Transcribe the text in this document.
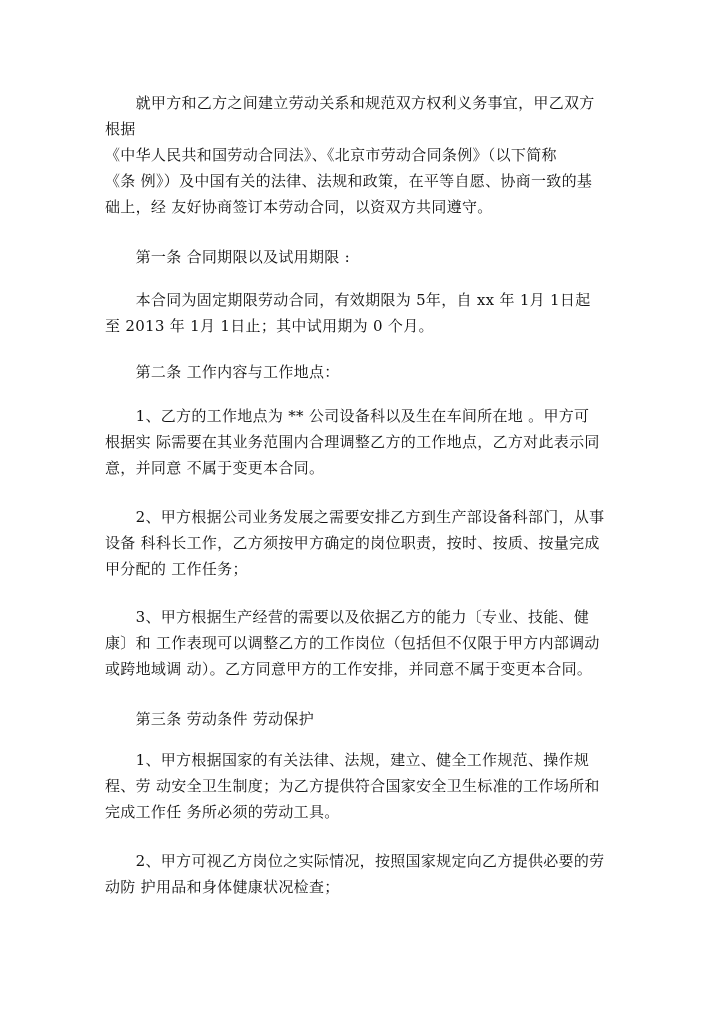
　　就甲方和乙方之间建立劳动关系和规范双方权利义务事宜，甲乙双方
根据
《中华人民共和国劳动合同法》、《北京市劳动合同条例》（以下简称
《条 例》）及中国有关的法律、法规和政策，在平等自愿、协商一致的基
础上，经 友好协商签订本劳动合同，以资双方共同遵守。
　　第一条 合同期限以及试用期限 :
　　本合同为固定期限劳动合同，有效期限为 5年，自 xx 年 1月 1日起
至 2013 年 1月 1日止；其中试用期为 0 个月。
　　第二条 工作内容与工作地点：
　　1、乙方的工作地点为 ** 公司设备科以及生在车间所在地 。甲方可
根据实 际需要在其业务范围内合理调整乙方的工作地点，乙方对此表示同
意，并同意 不属于变更本合同。
　　2、甲方根据公司业务发展之需要安排乙方到生产部设备科部门，从事
设备 科科长工作，乙方须按甲方确定的岗位职责，按时、按质、按量完成
甲分配的 工作任务；
　　3、甲方根据生产经营的需要以及依据乙方的能力〔专业、技能、健
康〕和 工作表现可以调整乙方的工作岗位（包括但不仅限于甲方内部调动
或跨地域调 动）。乙方同意甲方的工作安排，并同意不属于变更本合同。
　　第三条 劳动条件 劳动保护
　　1、甲方根据国家的有关法律、法规，建立、健全工作规范、操作规
程、劳 动安全卫生制度；为乙方提供符合国家安全卫生标准的工作场所和
完成工作任 务所必须的劳动工具。
　　2、甲方可视乙方岗位之实际情况，按照国家规定向乙方提供必要的劳
动防 护用品和身体健康状况检查；
